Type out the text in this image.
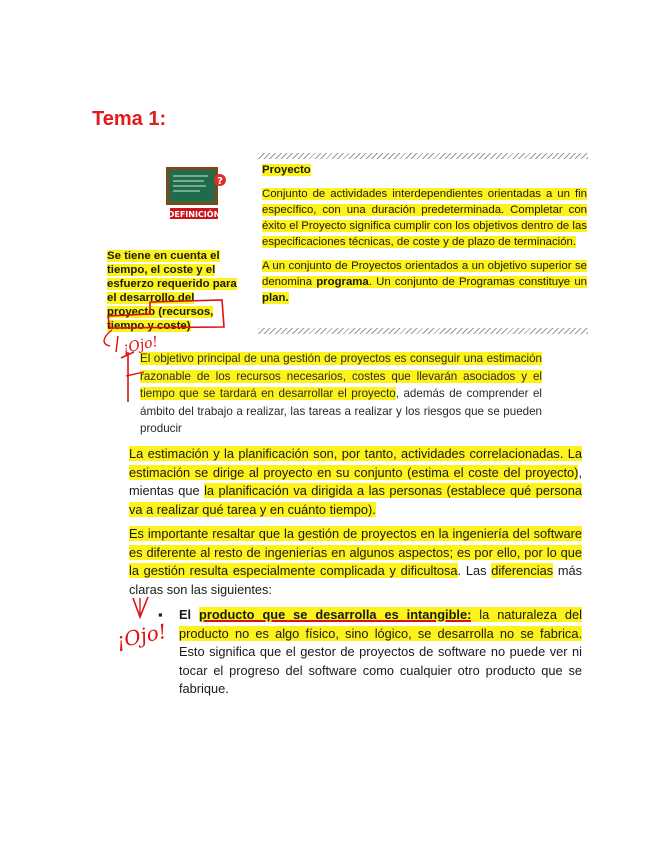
Tema 1:
?
DEFINICIÓN
Proyecto

Conjunto de actividades interdependientes orientadas a un fin específico, con una duración predeterminada. Completar con éxito el Proyecto significa cumplir con los objetivos dentro de las especificaciones técnicas, de coste y de plazo de terminación.

A un conjunto de Proyectos orientados a un objetivo superior se denomina programa. Un conjunto de Programas constituye un plan.

Se tiene en cuenta el tiempo, el coste y el esfuerzo requerido para el desarrollo del proyecto (recursos, tiempo y coste)
El objetivo principal de una gestión de proyectos es conseguir una estimación razonable de los recursos necesarios, costes que llevarán asociados y el tiempo que se tardará en desarrollar el proyecto, además de comprender el ámbito del trabajo a realizar, las tareas a realizar y los riesgos que se pueden producir
La estimación y la planificación son, por tanto, actividades correlacionadas. La estimación se dirige al proyecto en su conjunto (estima el coste del proyecto), mientas que la planificación va dirigida a las personas (establece qué persona va a realizar qué tarea y en cuánto tiempo).
Es importante resaltar que la gestión de proyectos en la ingeniería del software es diferente al resto de ingenierías en algunos aspectos; es por ello, por lo que la gestión resulta especialmente complicada y dificultosa. Las diferencias más claras son las siguientes:
▪ El producto que se desarrolla es intangible: la naturaleza del producto no es algo físico, sino lógico, se desarrolla no se fabrica. Esto significa que el gestor de proyectos de software no puede ver ni tocar el progreso del software como cualquier otro producto que se fabrique.
¡Ojo!
¡Ojo!
